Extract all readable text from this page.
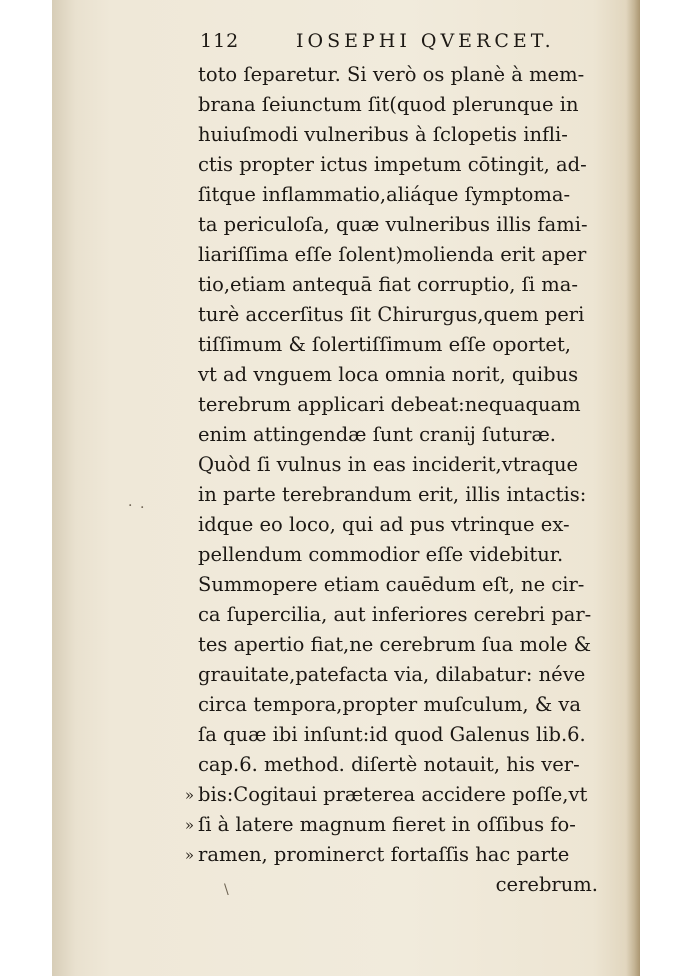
112	IOSEPHI QVERCET.
· ·
\
toto ſeparetur. Si verò os planè à mem-
brana ſeiunctum ſit(quod plerunque in
huiuſmodi vulneribus à ſclopetis infli-
ctis propter ictus impetum cōtingit, ad-
ſitque inflammatio,aliáque ſymptoma-
ta periculoſa, quæ vulneribus illis fami-
liariſſima eſſe ſolent)molienda erit aper
tio,etiam antequā fiat corruptio, ſi ma-
turè accerſitus ſit Chirurgus,quem peri
tiſſimum & ſolertiſſimum eſſe oportet,
vt ad vnguem loca omnia norit, quibus
terebrum applicari debeat:nequaquam
enim attingendæ ſunt cranij ſuturæ.
Quòd ſi vulnus in eas inciderit,vtraque
in parte terebrandum erit, illis intactis:
idque eo loco, qui ad pus vtrinque ex-
pellendum commodior eſſe videbitur.
Summopere etiam cauēdum eſt, ne cir-
ca ſupercilia, aut inferiores cerebri par-
tes apertio fiat,ne cerebrum ſua mole &
grauitate,patefacta via, dilabatur: néve
circa tempora,propter muſculum, & va
ſa quæ ibi inſunt:id quod Galenus lib.6.
cap.6. method. diſertè notauit, his ver-
» bis:Cogitaui præterea accidere poſſe,vt
» ſi à latere magnum fieret in oſſibus fo-
» ramen, prominerct fortaſſis hac parte
cerebrum.
